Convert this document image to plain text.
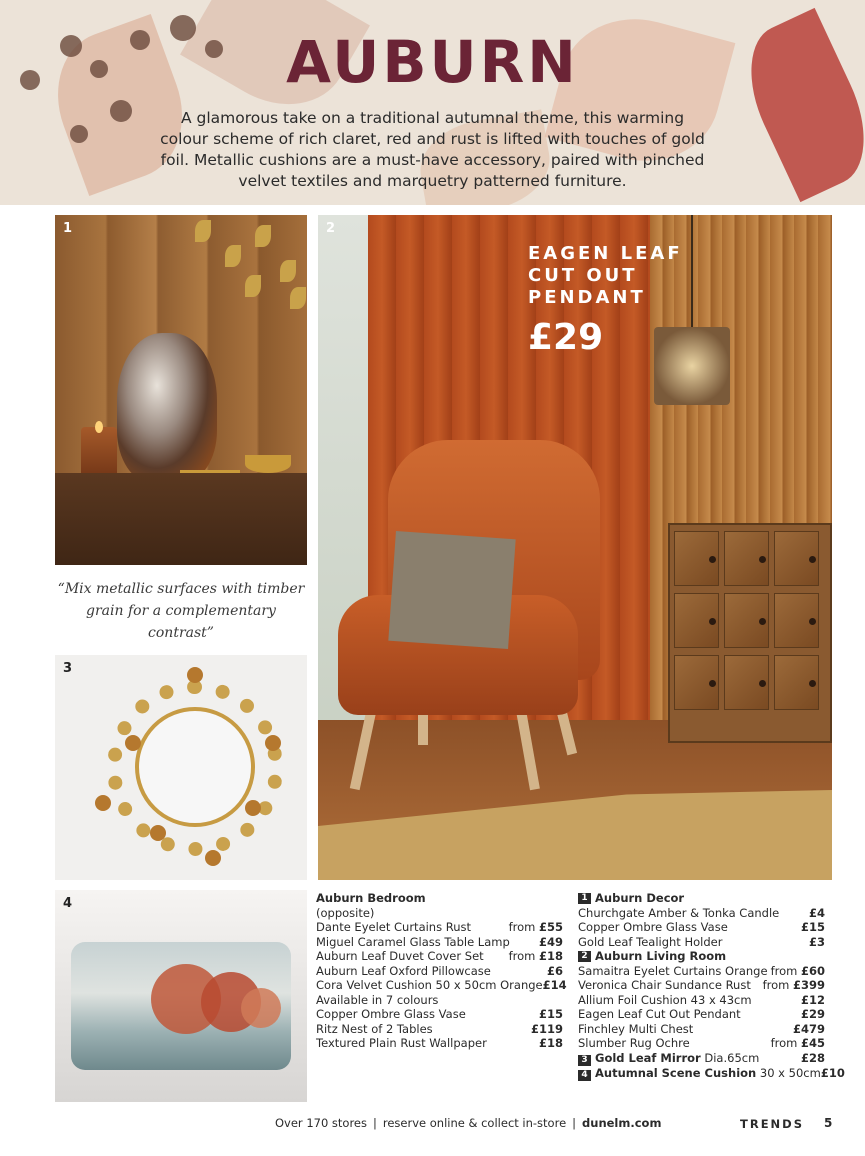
AUBURN

A glamorous take on a traditional autumnal theme, this warming colour scheme of rich claret, red and rust is lifted with touches of gold foil. Metallic cushions are a must-have accessory, paired with pinched velvet textiles and marquetry patterned furniture.

1
“Mix metallic surfaces with timber grain for a complementary contrast”
2
EAGEN LEAF
CUT OUT
PENDANT
£29
3
4	Auburn Bedroom
(opposite)
Dante Eyelet Curtains Rust	from £55
Miguel Caramel Glass Table Lamp	£49
Auburn Leaf Duvet Cover Set from £18
Auburn Leaf Oxford Pillowcase	£6
Cora Velvet Cushion 50 x 50cm Orange £14
Available in 7 colours
Copper Ombre Glass Vase	£15
Ritz Nest of 2 Tables	£119
Textured Plain Rust Wallpaper	£18
1 Auburn Decor
Churchgate Amber & Tonka Candle	£4
Copper Ombre Glass Vase	£15
Gold Leaf Tealight Holder	£3
2 Auburn Living Room
Samaitra Eyelet Curtains Orange from £60
Veronica Chair Sundance Rust from £399
Allium Foil Cushion 43 x 43cm	£12
Eagen Leaf Cut Out Pendant	£29
Finchley Multi Chest	£479
Slumber Rug Ochre	from £45
3 Gold Leaf Mirror Dia.65cm	£28
4 Autumnal Scene Cushion 30 x 50cm £10
Over 170 stores | reserve online & collect in-store | dunelm.com	TRENDS 5
